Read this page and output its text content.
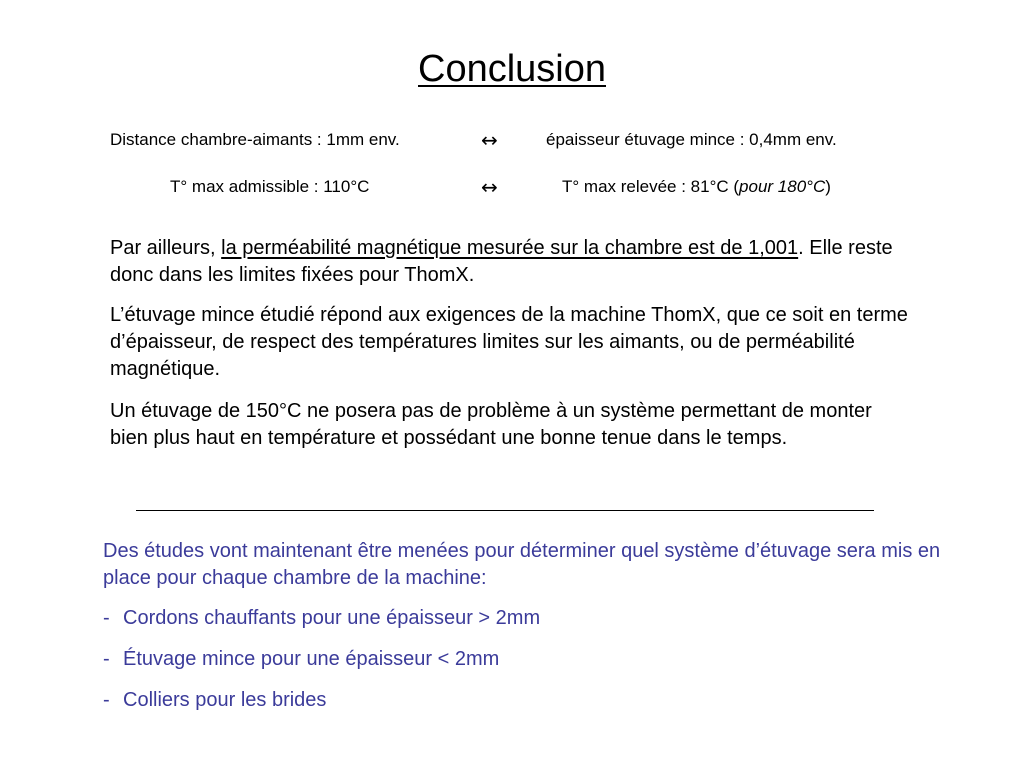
Conclusion
Distance chambre-aimants : 1mm env.	↔	épaisseur étuvage mince : 0,4mm env.
T° max admissible : 110°C	↔	T° max relevée : 81°C (pour 180°C)
Par ailleurs, la perméabilité magnétique mesurée sur la chambre est de 1,001. Elle reste donc dans les limites fixées pour ThomX.
L’étuvage mince étudié répond aux exigences de la machine ThomX, que ce soit en terme d’épaisseur, de respect des températures limites sur les aimants, ou de perméabilité magnétique.
Un étuvage de 150°C ne posera pas de problème à un système permettant de monter bien plus haut en température et possédant une bonne tenue dans le temps.
Des études vont maintenant être menées pour déterminer quel système d’étuvage sera mis en place pour chaque chambre de la machine:
- Cordons chauffants pour une épaisseur > 2mm
- Étuvage mince pour une épaisseur < 2mm
- Colliers pour les brides
